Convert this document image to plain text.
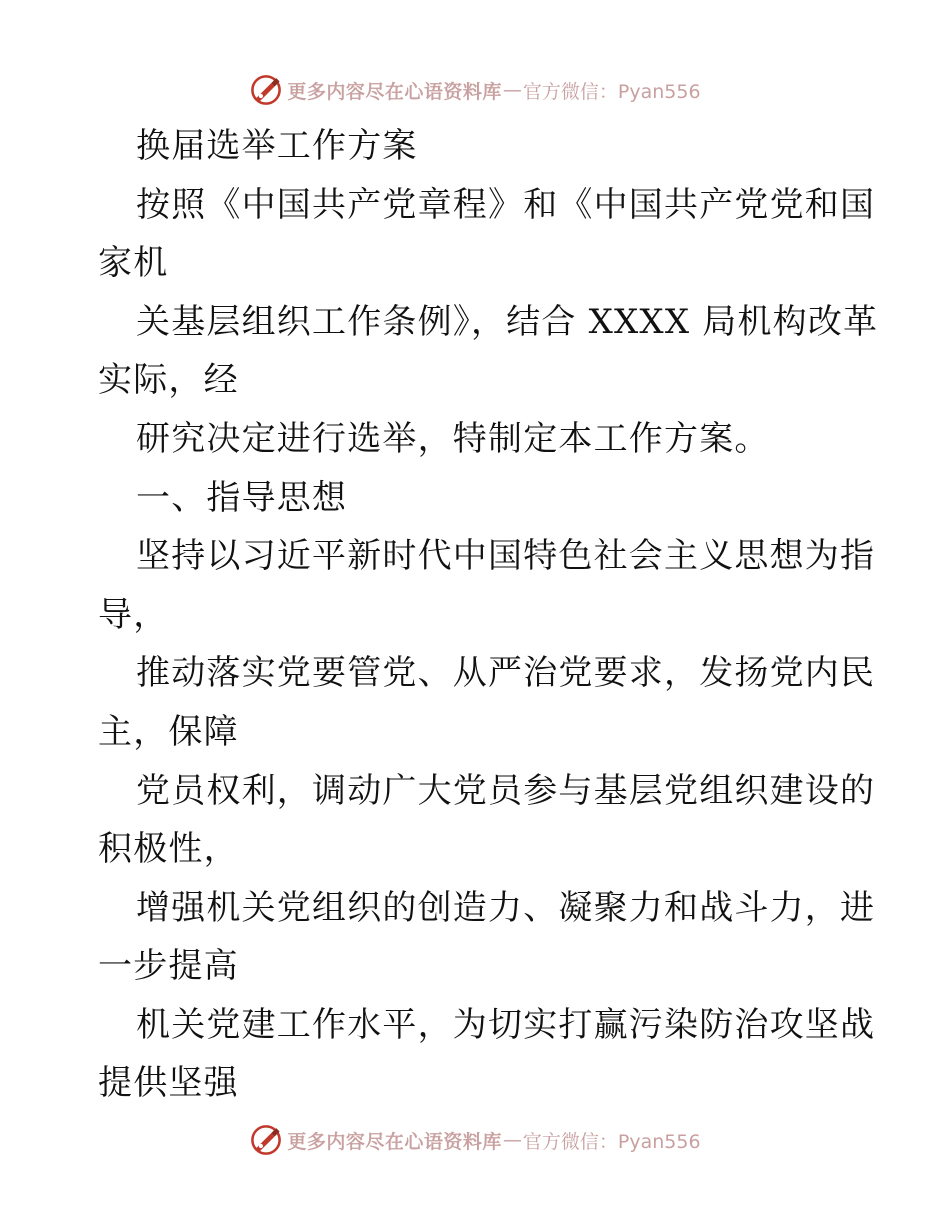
更多内容尽在心语资料库 — 官方微信：Pyan556
换届选举工作方案
按照《中国共产党章程》和《中国共产党党和国
家机
关基层组织工作条例》，结合 XXXX 局机构改革
实际，经
研究决定进行选举，特制定本工作方案。
一、指导思想
坚持以习近平新时代中国特色社会主义思想为指
导，
推动落实党要管党、从严治党要求，发扬党内民
主，保障
党员权利，调动广大党员参与基层党组织建设的
积极性，
增强机关党组织的创造力、凝聚力和战斗力，进
一步提高
机关党建工作水平，为切实打赢污染防治攻坚战
提供坚强
更多内容尽在心语资料库 — 官方微信：Pyan556
